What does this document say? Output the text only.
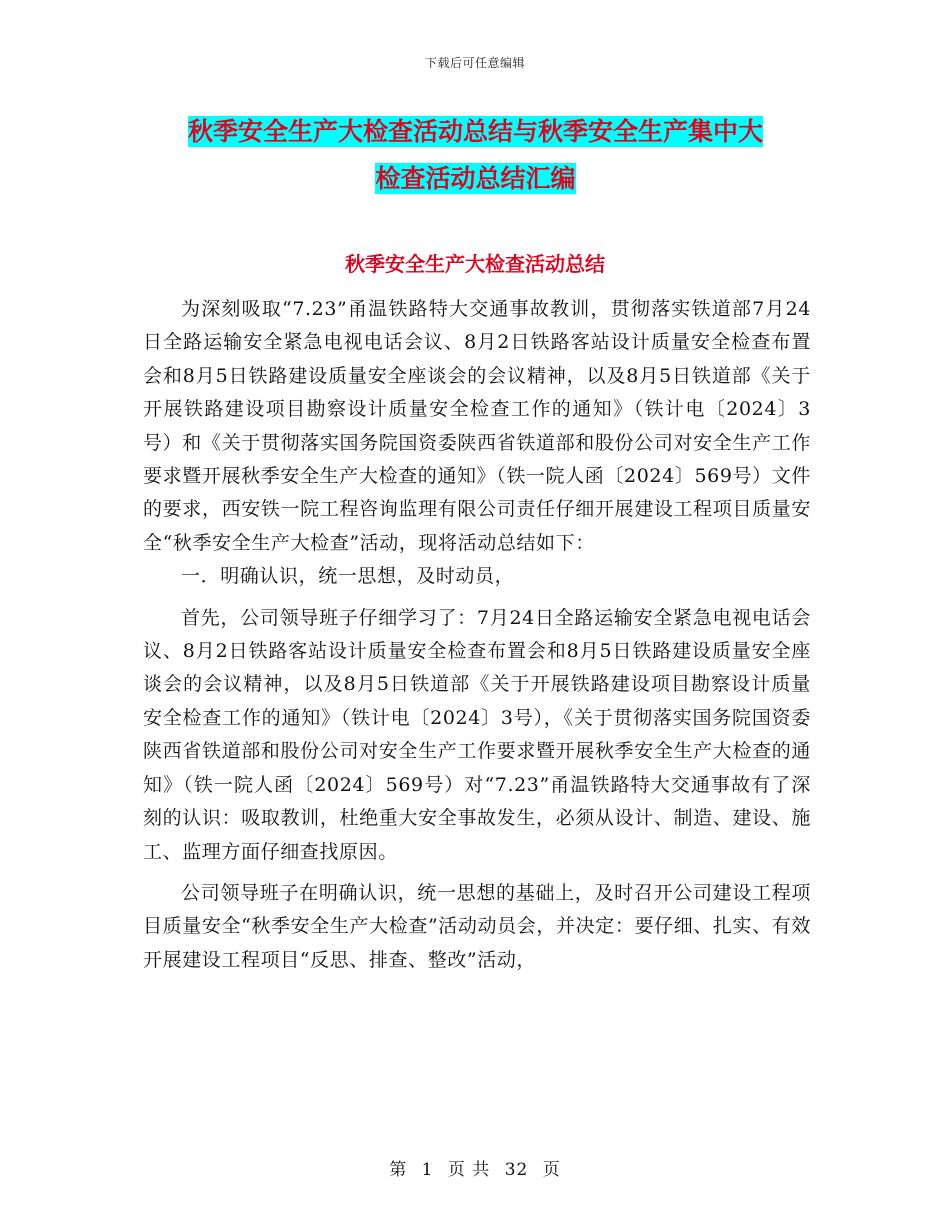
下载后可任意编辑
秋季安全生产大检查活动总结与秋季安全生产集中大
检查活动总结汇编
秋季安全生产大检查活动总结

为深刻吸取“7.23”甬温铁路特大交通事故教训，贯彻落实铁道部7月24日全路运输安全紧急电视电话会议、8月2日铁路客站设计质量安全检查布置会和8月5日铁路建设质量安全座谈会的会议精神，以及8月5日铁道部《关于开展铁路建设项目勘察设计质量安全检查工作的通知》（铁计电〔2024〕3号）和《关于贯彻落实国务院国资委陕西省铁道部和股份公司对安全生产工作要求暨开展秋季安全生产大检查的通知》（铁一院人函〔2024〕569号）文件的要求，西安铁一院工程咨询监理有限公司责任仔细开展建设工程项目质量安全“秋季安全生产大检查”活动，现将活动总结如下：

一．明确认识，统一思想，及时动员，

首先，公司领导班子仔细学习了：7月24日全路运输安全紧急电视电话会议、8月2日铁路客站设计质量安全检查布置会和8月5日铁路建设质量安全座谈会的会议精神，以及8月5日铁道部《关于开展铁路建设项目勘察设计质量安全检查工作的通知》（铁计电〔2024〕3号），《关于贯彻落实国务院国资委陕西省铁道部和股份公司对安全生产工作要求暨开展秋季安全生产大检查的通知》（铁一院人函〔2024〕569号）对“7.23”甬温铁路特大交通事故有了深刻的认识：吸取教训，杜绝重大安全事故发生，必须从设计、制造、建设、施工、监理方面仔细查找原因。

公司领导班子在明确认识，统一思想的基础上，及时召开公司建设工程项目质量安全“秋季安全生产大检查”活动动员会，并决定：要仔细、扎实、有效开展建设工程项目“反思、排查、整改”活动，

第 1 页 共 32 页
